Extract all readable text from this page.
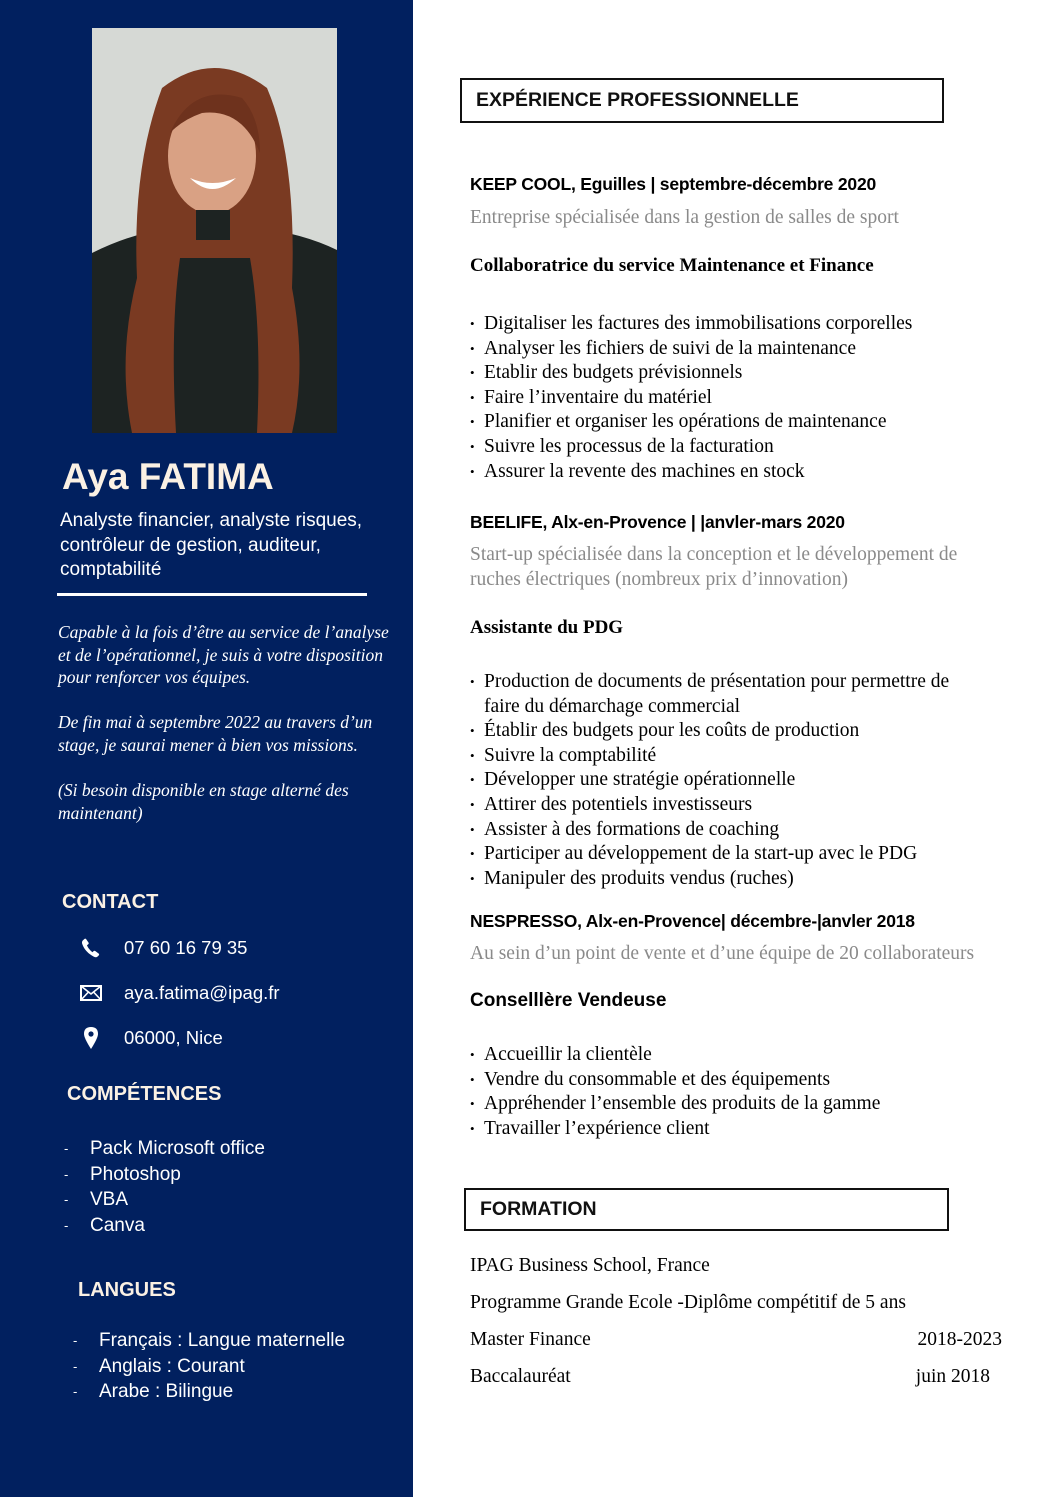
Aya FATIMA
Analyste financier, analyste risques, contrôleur de gestion, auditeur, comptabilité

Capable à la fois d’être au service de l’analyse et de l’opérationnel, je suis à votre disposition pour renforcer vos équipes.

De fin mai à septembre 2022 au travers d’un stage, je saurai mener à bien vos missions.

(Si besoin disponible en stage alterné des maintenant)

CONTACT
07 60 16 79 35
aya.fatima@ipag.fr
06000, Nice
COMPÉTENCES
- Pack Microsoft office
- Photoshop
- VBA
- Canva
LANGUES
- Français : Langue maternelle
- Anglais : Courant
- Arabe : Bilingue
EXPÉRIENCE PROFESSIONNELLE
KEEP COOL, Eguilles | septembre-décembre 2020
Entreprise spécialisée dans la gestion de salles de sport
Collaboratrice du service Maintenance et Finance
• Digitaliser les factures des immobilisations corporelles
• Analyser les fichiers de suivi de la maintenance
• Etablir des budgets prévisionnels
• Faire l’inventaire du matériel
• Planifier et organiser les opérations de maintenance
• Suivre les processus de la facturation
• Assurer la revente des machines en stock
BEELIFE, Alx-en-Provence | |anvler-mars 2020
Start-up spécialisée dans la conception et le développement de
ruches électriques (nombreux prix d’innovation)
Assistante du PDG
• Production de documents de présentation pour permettre de
faire du démarchage commercial
• Établir des budgets pour les coûts de production
• Suivre la comptabilité
• Développer une stratégie opérationnelle
• Attirer des potentiels investisseurs
• Assister à des formations de coaching
• Participer au développement de la start-up avec le PDG
• Manipuler des produits vendus (ruches)
NESPRESSO, Alx-en-Provence| décembre-|anvler 2018
Au sein d’un point de vente et d’une équipe de 20 collaborateurs
Conselllère Vendeuse
• Accueillir la clientèle
• Vendre du consommable et des équipements
• Appréhender l’ensemble des produits de la gamme
• Travailler l’expérience client
FORMATION
IPAG Business School, France
Programme Grande Ecole -Diplôme compétitif de 5 ans
Master Finance	2018-2023
Baccalauréat	juin 2018
